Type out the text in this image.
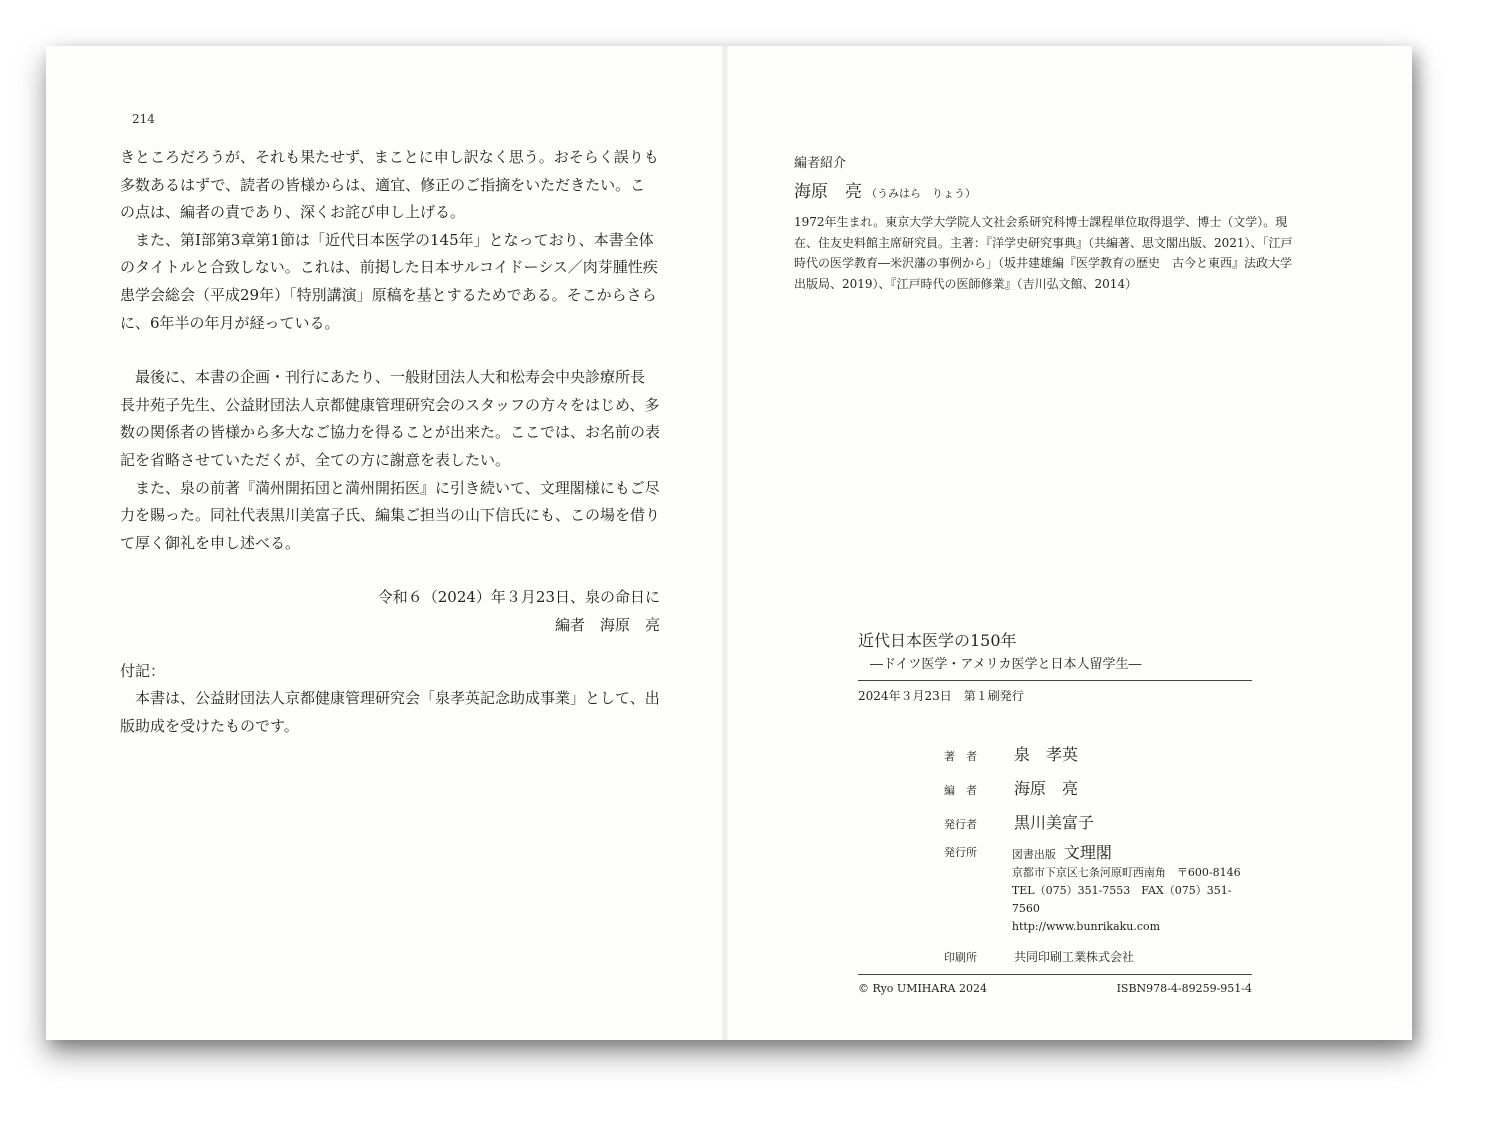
214

きところだろうが、それも果たせず、まことに申し訳なく思う。おそらく誤りも多数あるはずで、読者の皆様からは、適宜、修正のご指摘をいただきたい。この点は、編者の責であり、深くお詫び申し上げる。

また、第Ⅰ部第3章第1節は「近代日本医学の145年」となっており、本書全体のタイトルと合致しない。これは、前掲した日本サルコイドーシス／肉芽腫性疾患学会総会（平成29年）「特別講演」原稿を基とするためである。そこからさらに、6年半の年月が経っている。

最後に、本書の企画・刊行にあたり、一般財団法人大和松寿会中央診療所長 長井苑子先生、公益財団法人京都健康管理研究会のスタッフの方々をはじめ、多数の関係者の皆様から多大なご協力を得ることが出来た。ここでは、お名前の表記を省略させていただくが、全ての方に謝意を表したい。

また、泉の前著『満州開拓団と満州開拓医』に引き続いて、文理閣様にもご尽力を賜った。同社代表黒川美富子氏、編集ご担当の山下信氏にも、この場を借りて厚く御礼を申し述べる。

令和６（2024）年３月23日、泉の命日に

編者　海原　亮

付記：

本書は、公益財団法人京都健康管理研究会「泉孝英記念助成事業」として、出版助成を受けたものです。

編者紹介
海原　亮 （うみはら　りょう）
1972年生まれ。東京大学大学院人文社会系研究科博士課程単位取得退学、博士（文学）。現在、住友史料館主席研究員。主著：『洋学史研究事典』（共編著、思文閣出版、2021）、「江戸時代の医学教育―米沢藩の事例から」（坂井建雄編『医学教育の歴史　古今と東西』法政大学出版局、2019）、『江戸時代の医師修業』（吉川弘文館、2014）
近代日本医学の150年
―ドイツ医学・アメリカ医学と日本人留学生―
2024年３月23日　第１刷発行
著　者	泉　孝英
編　者	海原　亮
発行者	黒川美富子
発行所	図書出版 文理閣
京都市下京区七条河原町西南角　〒600-8146
TEL（075）351-7553　FAX（075）351-7560
http://www.bunrikaku.com
印刷所	共同印刷工業株式会社
© Ryo UMIHARA 2024	ISBN978-4-89259-951-4
